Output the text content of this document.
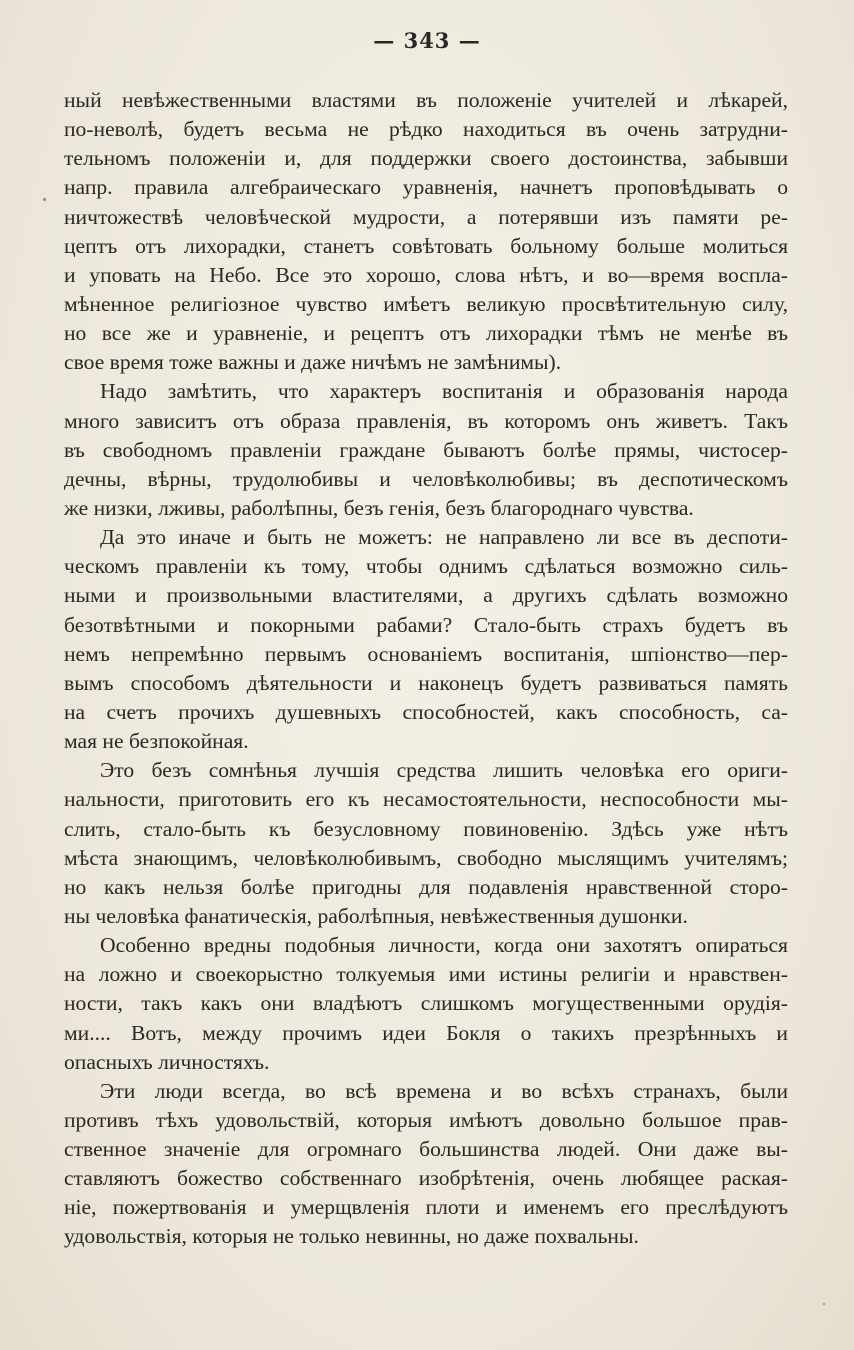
— 343 —
ный невѣжественными властями въ положеніе учителей и лѣкарей,
по-неволѣ, будетъ весьма не рѣдко находиться въ очень затрудни-
тельномъ положеніи и, для поддержки своего достоинства, забывши
напр. правила алгебраическаго уравненія, начнетъ проповѣдывать о
ничтожествѣ человѣческой мудрости, а потерявши изъ памяти ре-
цептъ отъ лихорадки, станетъ совѣтовать больному больше молиться
и уповать на Небо. Все это хорошо, слова нѣтъ, и во—время воспла-
мѣненное религіозное чувство имѣетъ великую просвѣтительную силу,
но все же и уравненіе, и рецептъ отъ лихорадки тѣмъ не менѣе въ
свое время тоже важны и даже ничѣмъ не замѣнимы).
Надо замѣтить, что характеръ воспитанія и образованія народа
много зависитъ отъ образа правленія, въ которомъ онъ живетъ. Такъ
въ свободномъ правленіи граждане бываютъ болѣе прямы, чистосер-
дечны, вѣрны, трудолюбивы и человѣколюбивы; въ деспотическомъ
же низки, лживы, раболѣпны, безъ генія, безъ благороднаго чувства.
Да это иначе и быть не можетъ: не направлено ли все въ деспоти-
ческомъ правленіи къ тому, чтобы однимъ сдѣлаться возможно силь-
ными и произвольными властителями, а другихъ сдѣлать возможно
безотвѣтными и покорными рабами? Стало-быть страхъ будетъ въ
немъ непремѣнно первымъ основаніемъ воспитанія, шпіонство—пер-
вымъ способомъ дѣятельности и наконецъ будетъ развиваться память
на счетъ прочихъ душевныхъ способностей, какъ способность, са-
мая не безпокойная.
Это безъ сомнѣнья лучшія средства лишить человѣка его ориги-
нальности, приготовить его къ несамостоятельности, неспособности мы-
слить, стало-быть къ безусловному повиновенію. Здѣсь уже нѣтъ
мѣста знающимъ, человѣколюбивымъ, свободно мыслящимъ учителямъ;
но какъ нельзя болѣе пригодны для подавленія нравственной сторо-
ны человѣка фанатическія, раболѣпныя, невѣжественныя душонки.
Особенно вредны подобныя личности, когда они захотятъ опираться
на ложно и своекорыстно толкуемыя ими истины религіи и нравствен-
ности, такъ какъ они владѣютъ слишкомъ могущественными орудія-
ми.... Вотъ, между прочимъ идеи Бокля о такихъ презрѣнныхъ и
опасныхъ личностяхъ.
Эти люди всегда, во всѣ времена и во всѣхъ странахъ, были
противъ тѣхъ удовольствій, которыя имѣютъ довольно большое прав-
ственное значеніе для огромнаго большинства людей. Они даже вы-
ставляютъ божество собственнаго изобрѣтенія, очень любящее раская-
ніе, пожертвованія и умерщвленія плоти и именемъ его преслѣдуютъ
удовольствія, которыя не только невинны, но даже похвальны.
